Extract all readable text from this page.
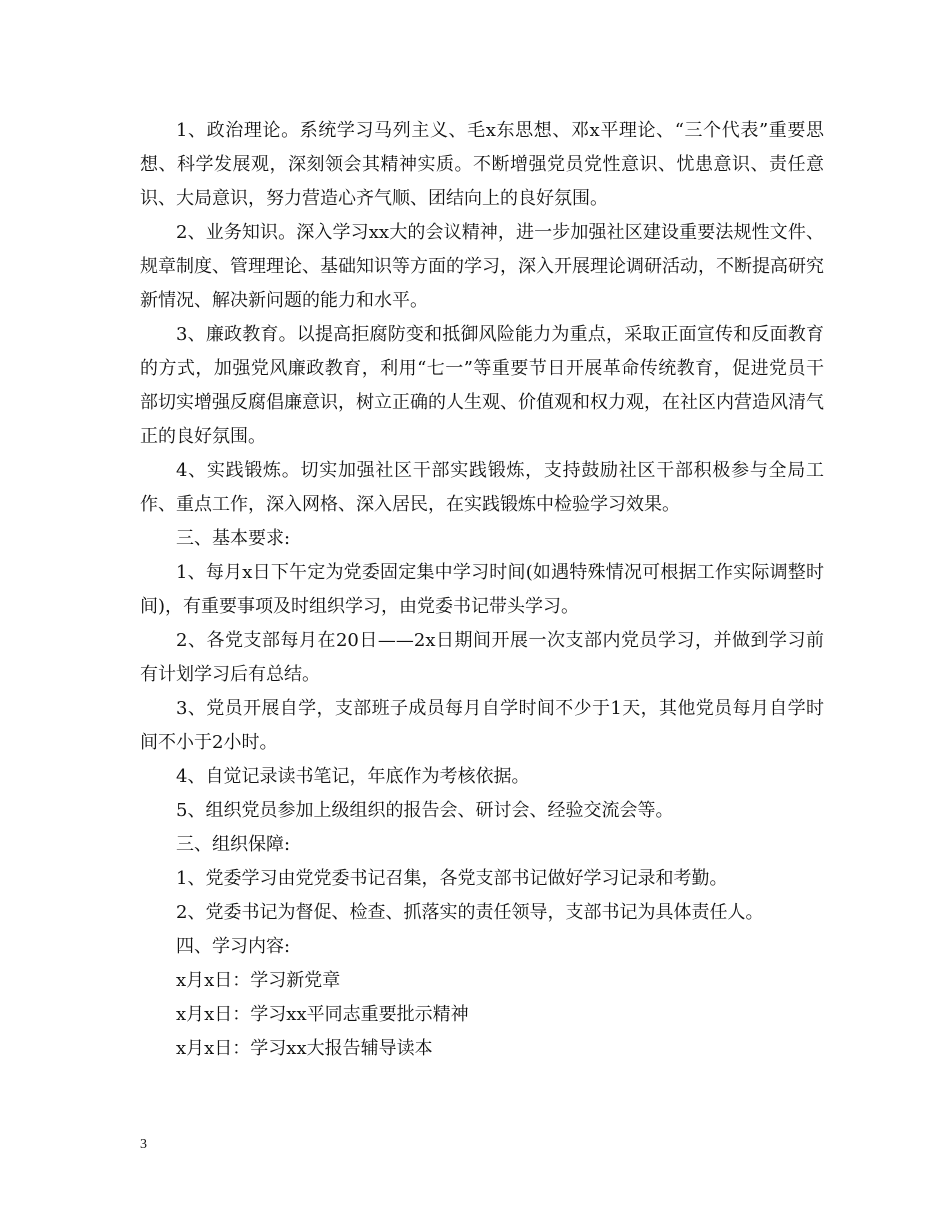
1、政治理论。系统学习马列主义、毛x东思想、邓x平理论、“三个代表”重要思想、科学发展观，深刻领会其精神实质。不断增强党员党性意识、忧患意识、责任意识、大局意识，努力营造心齐气顺、团结向上的良好氛围。

2、业务知识。深入学习xx大的会议精神，进一步加强社区建设重要法规性文件、规章制度、管理理论、基础知识等方面的学习，深入开展理论调研活动，不断提高研究新情况、解决新问题的能力和水平。

3、廉政教育。以提高拒腐防变和抵御风险能力为重点，采取正面宣传和反面教育的方式，加强党风廉政教育，利用“七一”等重要节日开展革命传统教育，促进党员干部切实增强反腐倡廉意识，树立正确的人生观、价值观和权力观，在社区内营造风清气正的良好氛围。

4、实践锻炼。切实加强社区干部实践锻炼，支持鼓励社区干部积极参与全局工作、重点工作，深入网格、深入居民，在实践锻炼中检验学习效果。

三、基本要求:

1、每月x日下午定为党委固定集中学习时间(如遇特殊情况可根据工作实际调整时间)，有重要事项及时组织学习，由党委书记带头学习。

2、各党支部每月在20日——2x日期间开展一次支部内党员学习，并做到学习前有计划学习后有总结。

3、党员开展自学，支部班子成员每月自学时间不少于1天，其他党员每月自学时间不小于2小时。

4、自觉记录读书笔记，年底作为考核依据。

5、组织党员参加上级组织的报告会、研讨会、经验交流会等。

三、组织保障:

1、党委学习由党党委书记召集，各党支部书记做好学习记录和考勤。

2、党委书记为督促、检查、抓落实的责任领导，支部书记为具体责任人。

四、学习内容:

x月x日：学习新党章

x月x日：学习xx平同志重要批示精神

x月x日：学习xx大报告辅导读本

3
